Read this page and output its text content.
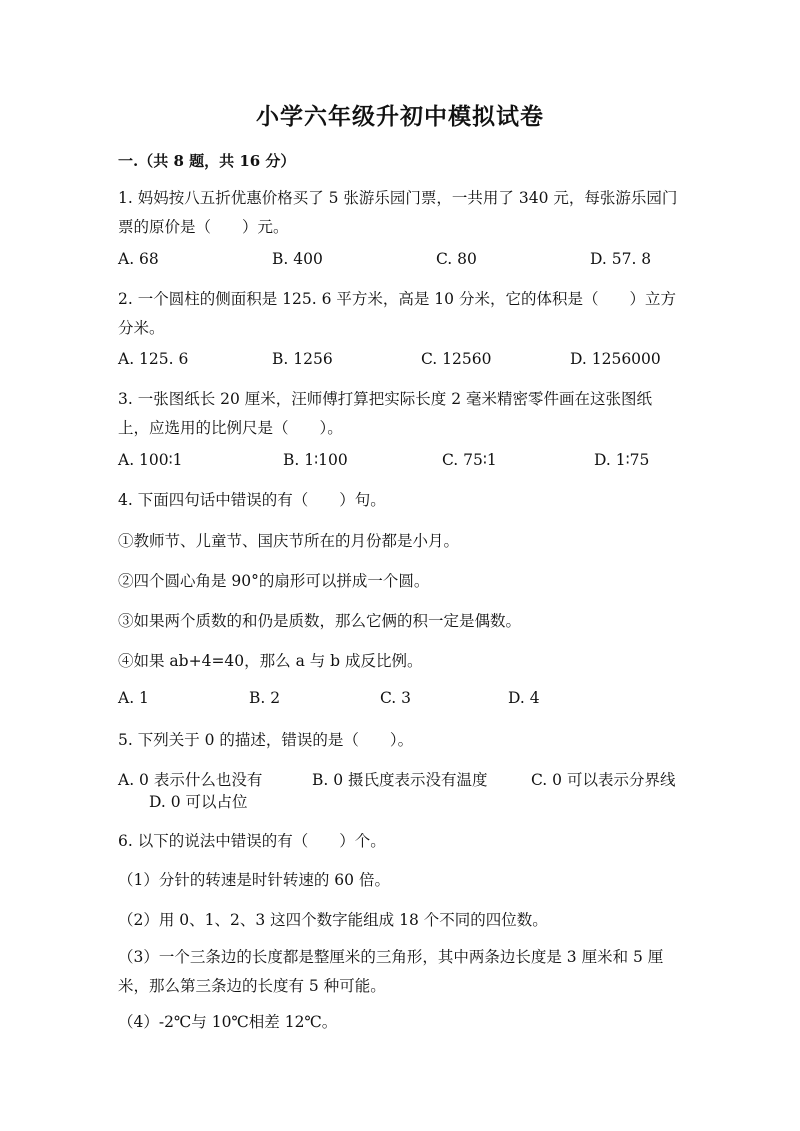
小学六年级升初中模拟试卷
一.（共 8 题，共 16 分）
1. 妈妈按八五折优惠价格买了 5 张游乐园门票，一共用了 340 元，每张游乐园门票的原价是（　　）元。
A. 68	B. 400	C. 80	D. 57. 8
2. 一个圆柱的侧面积是 125. 6 平方米，高是 10 分米，它的体积是（　　）立方分米。
A. 125. 6	B. 1256	C. 12560	D. 1256000
3. 一张图纸长 20 厘米，汪师傅打算把实际长度 2 毫米精密零件画在这张图纸上，应选用的比例尺是（　　）。
A. 100∶1	B. 1∶100	C. 75∶1	D. 1∶75
4. 下面四句话中错误的有（　　）句。
①教师节、儿童节、国庆节所在的月份都是小月。
②四个圆心角是 90°的扇形可以拼成一个圆。
③如果两个质数的和仍是质数，那么它俩的积一定是偶数。
④如果 ab+4=40，那么 a 与 b 成反比例。
A. 1	B. 2	C. 3	D. 4
5. 下列关于 0 的描述，错误的是（　　）。
A. 0 表示什么也没有	B. 0 摄氏度表示没有温度	C. 0 可以表示分界线
D. 0 可以占位
6. 以下的说法中错误的有（　　）个。
（1）分针的转速是时针转速的 60 倍。
（2）用 0、1、2、3 这四个数字能组成 18 个不同的四位数。
（3）一个三条边的长度都是整厘米的三角形，其中两条边长度是 3 厘米和 5 厘米，那么第三条边的长度有 5 种可能。
（4）-2℃与 10℃相差 12℃。
